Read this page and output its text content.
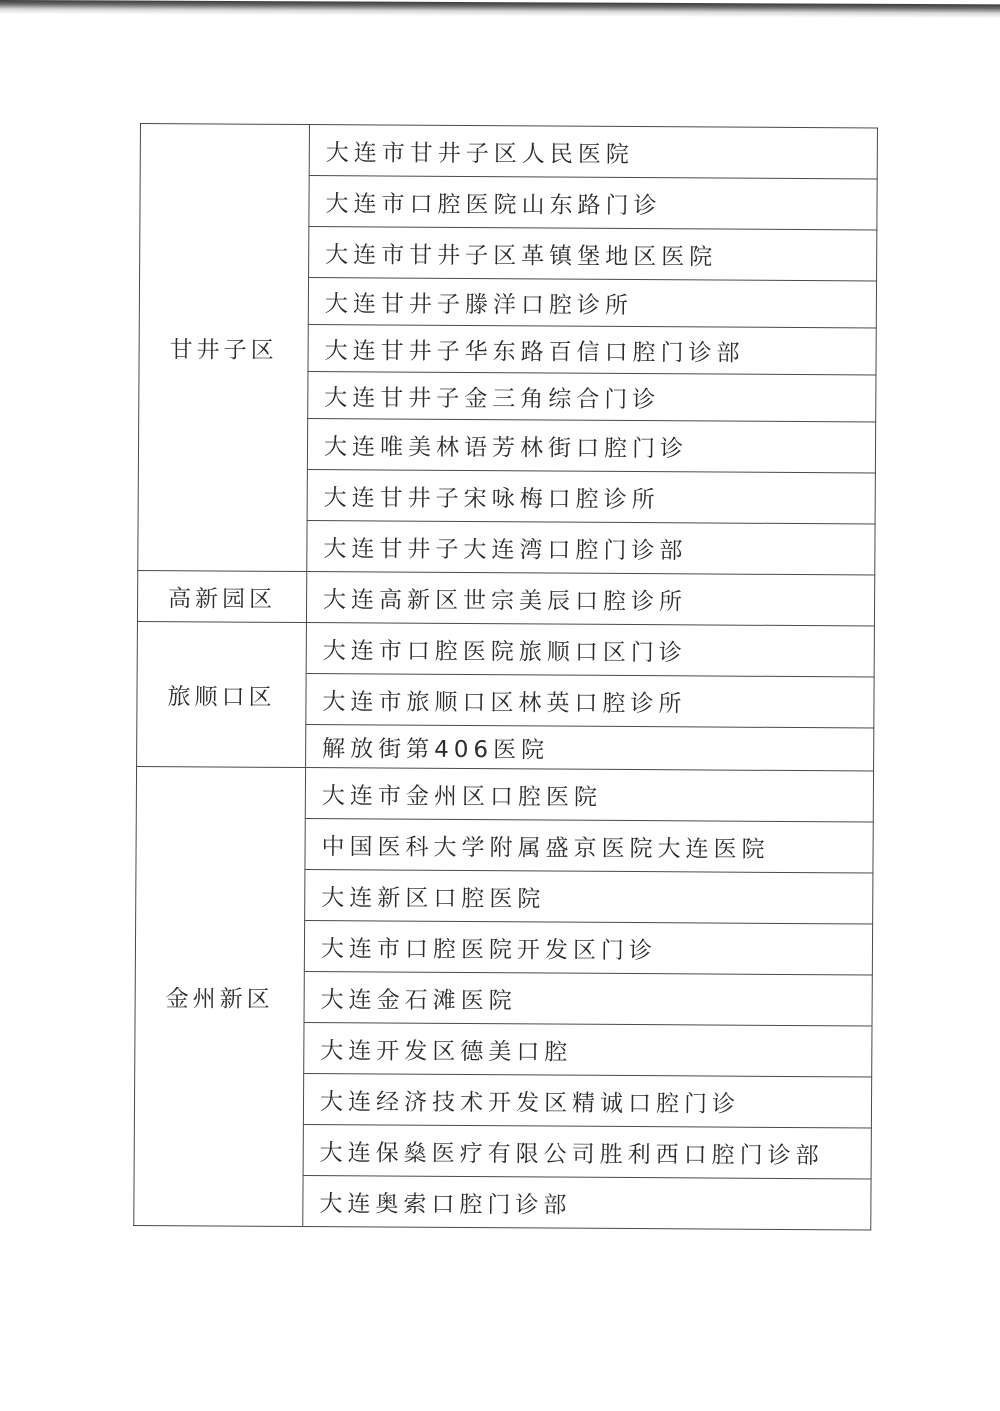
甘井子区	大连市甘井子区人民医院
	大连市口腔医院山东路门诊
	大连市甘井子区革镇堡地区医院
	大连甘井子滕洋口腔诊所
	大连甘井子华东路百信口腔门诊部
	大连甘井子金三角综合门诊
	大连唯美林语芳林街口腔门诊
	大连甘井子宋咏梅口腔诊所
	大连甘井子大连湾口腔门诊部
高新园区	大连高新区世宗美辰口腔诊所
旅顺口区	大连市口腔医院旅顺口区门诊
	大连市旅顺口区林英口腔诊所
	解放街第406医院
金州新区	大连市金州区口腔医院
	中国医科大学附属盛京医院大连医院
	大连新区口腔医院
	大连市口腔医院开发区门诊
	大连金石滩医院
	大连开发区德美口腔
	大连经济技术开发区精诚口腔门诊
	大连保燊医疗有限公司胜利西口腔门诊部
	大连奥索口腔门诊部
